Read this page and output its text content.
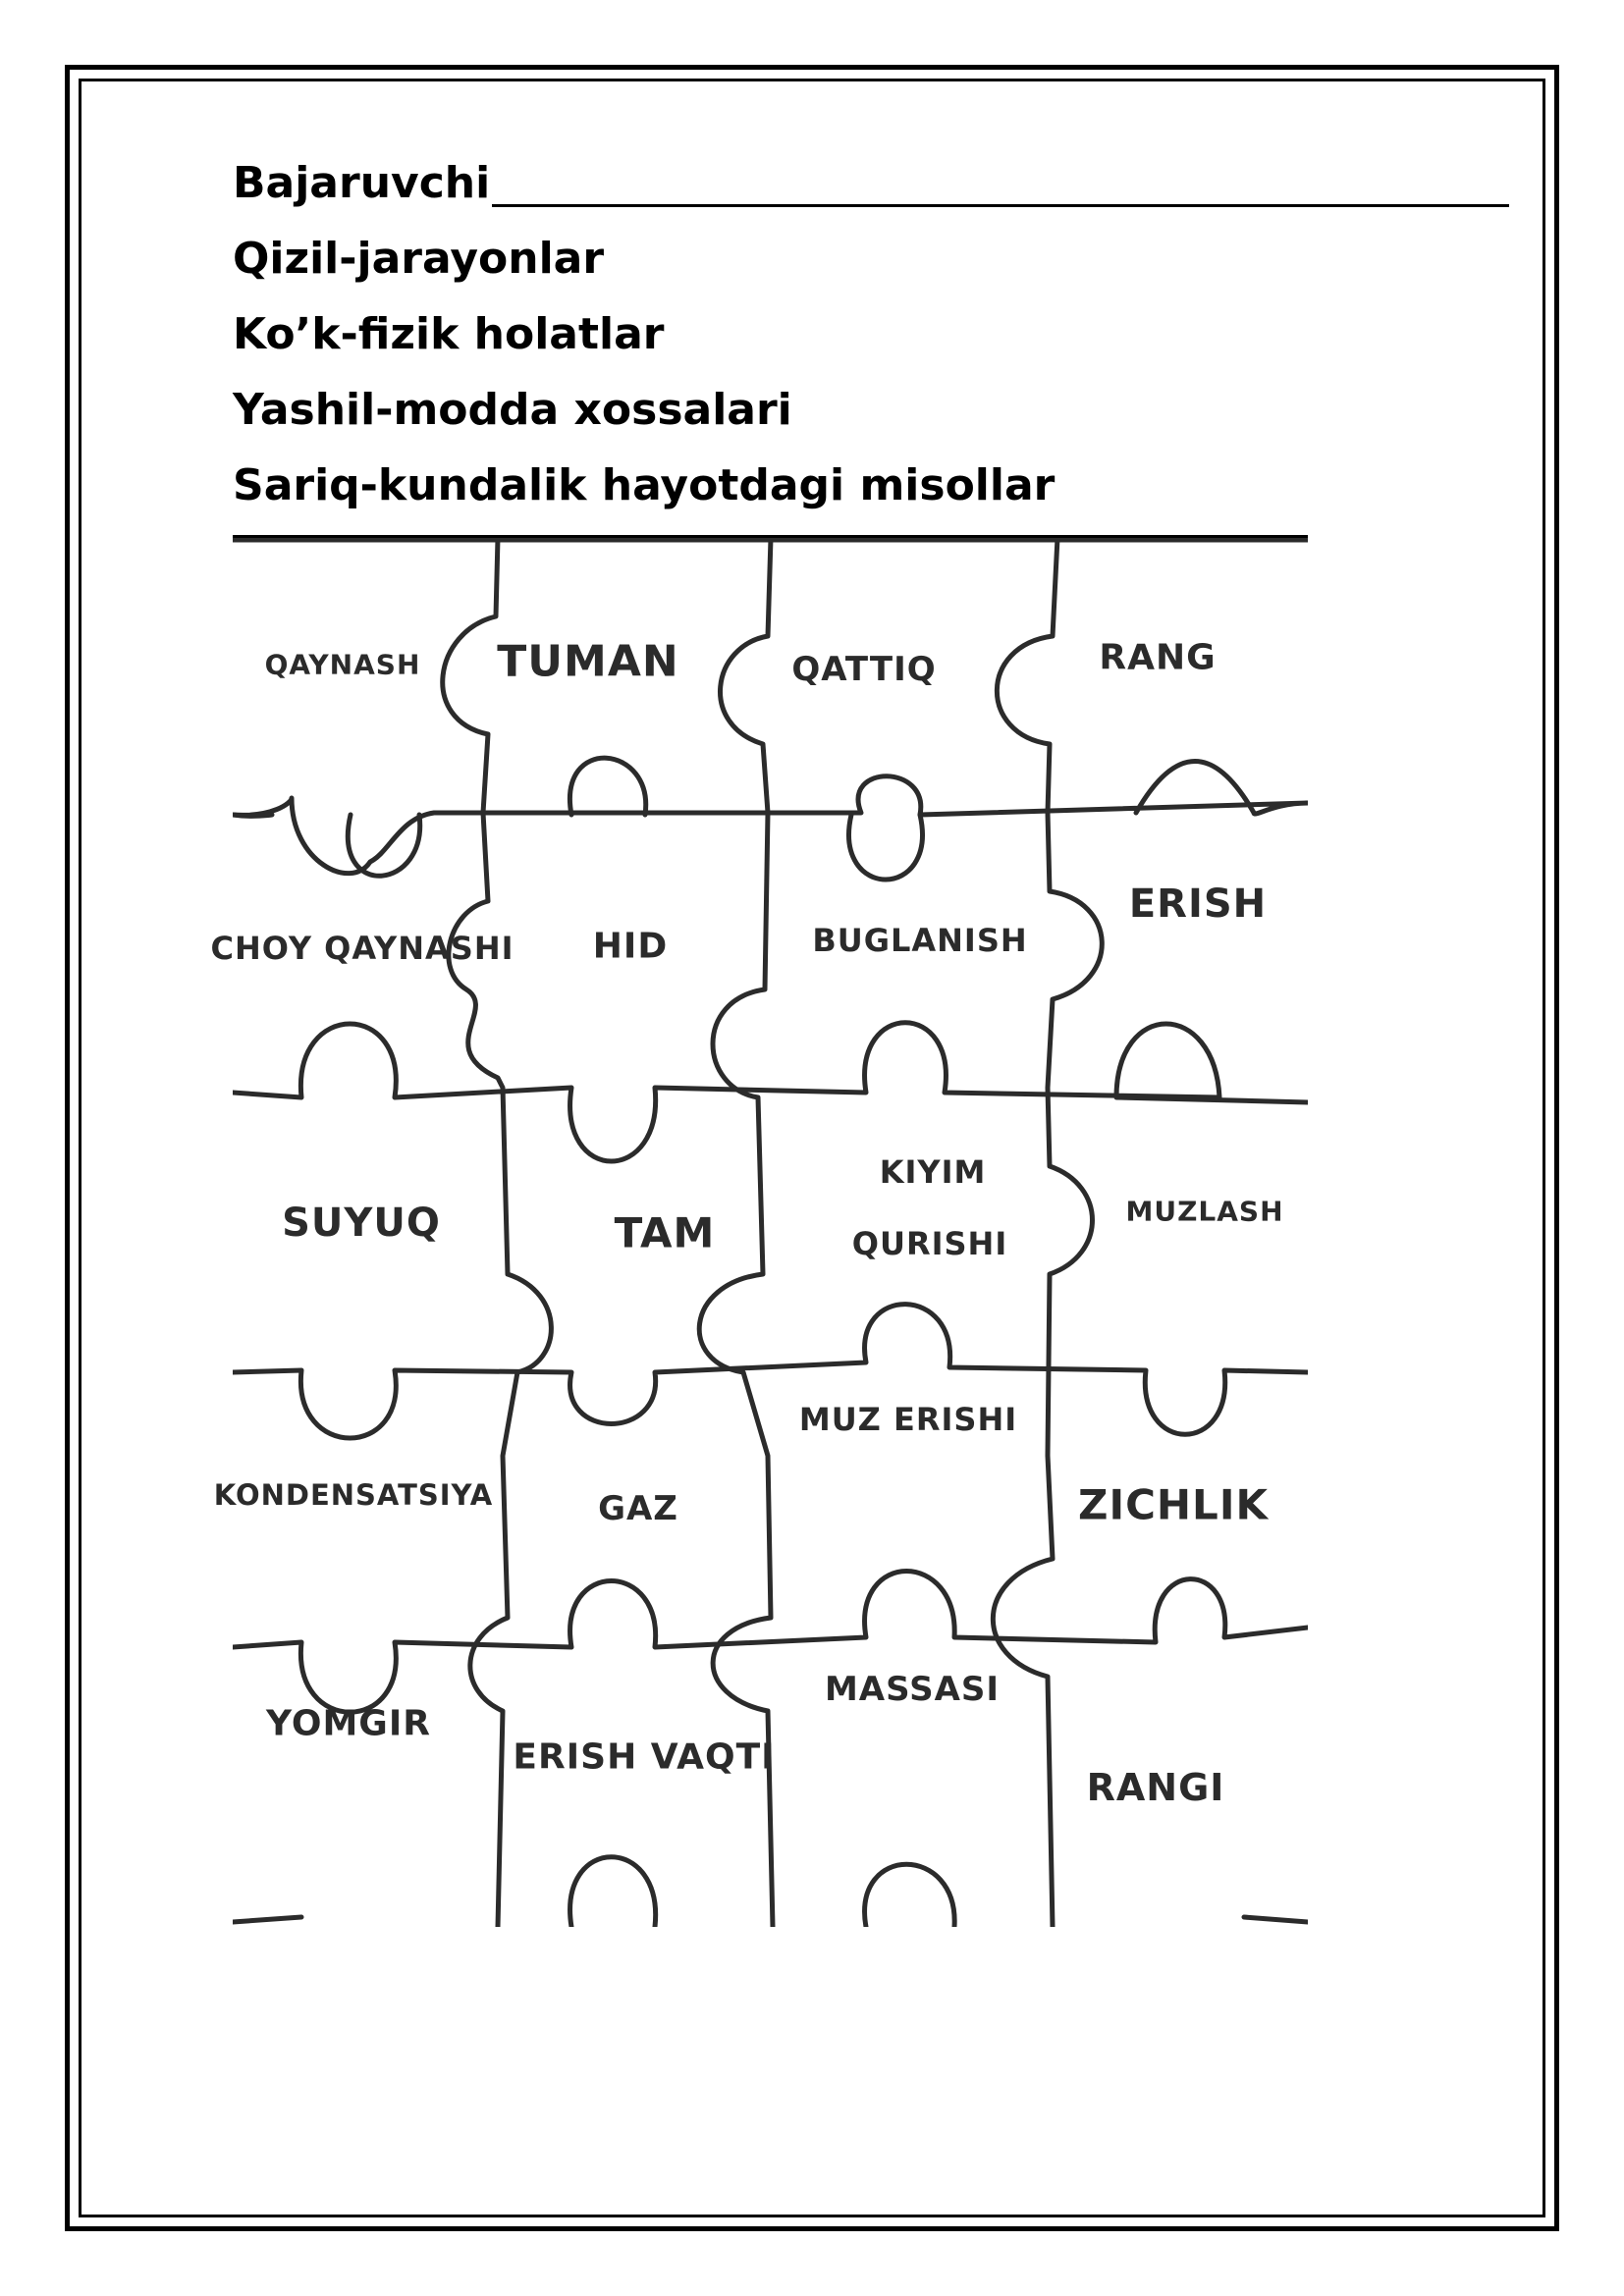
Bajaruvchi
Qizil-jarayonlar
Ko’k-fizik holatlar
Yashil-modda xossalari
Sariq-kundalik hayotdagi misollar
QAYNASH TUMAN	QATTIQ	RANG
CHOY QAYNASHI HID	BUGLANISH
ERISH
SUYUQ	TAM
KIYIM
QURISHI
MUZLASH
MUZ ERISHI
KONDENSATSIYA	GAZ	ZICHLIK
YOMGIR
MASSASI
ERISH VAQTI
RANGI
